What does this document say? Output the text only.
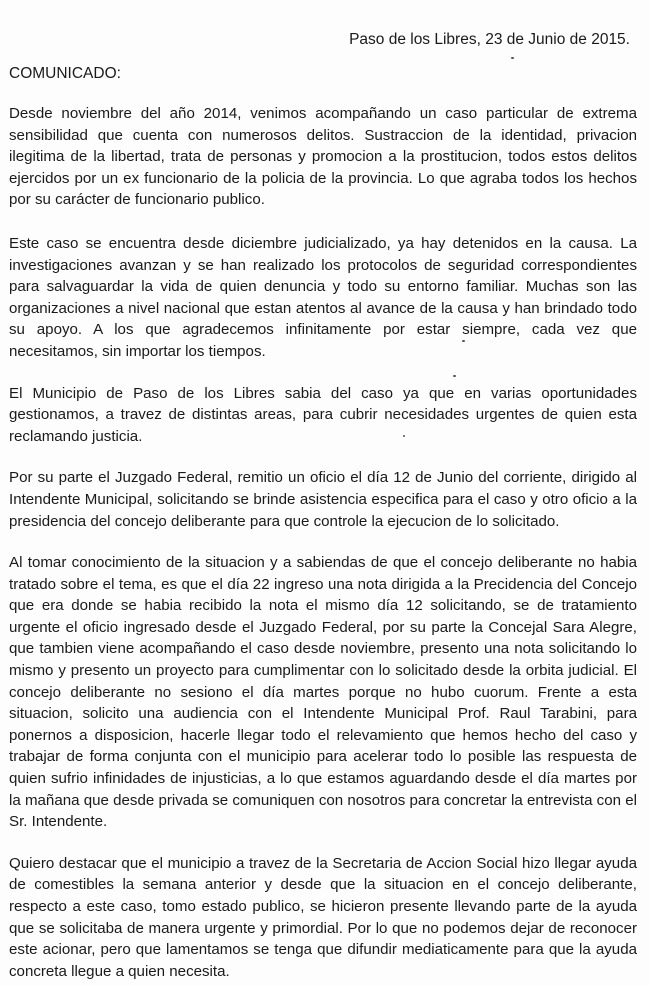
Paso de los Libres, 23 de Junio de 2015.
COMUNICADO:

Desde noviembre del año 2014, venimos acompañando un caso particular de extrema sensibilidad que cuenta con numerosos delitos. Sustraccion de la identidad, privacion ilegitima de la libertad, trata de personas y promocion a la prostitucion, todos estos delitos ejercidos por un ex funcionario de la policia de la provincia. Lo que agraba todos los hechos por su carácter de funcionario publico.

Este caso se encuentra desde diciembre judicializado, ya hay detenidos en la causa. La investigaciones avanzan y se han realizado los protocolos de seguridad correspondientes para salvaguardar la vida de quien denuncia y todo su entorno familiar. Muchas son las organizaciones a nivel nacional que estan atentos al avance de la causa y han brindado todo su apoyo. A los que agradecemos infinitamente por estar siempre, cada vez que necesitamos, sin importar los tiempos.

El Municipio de Paso de los Libres sabia del caso ya que en varias oportunidades gestionamos, a travez de distintas areas, para cubrir necesidades urgentes de quien esta reclamando justicia.

Por su parte el Juzgado Federal, remitio un oficio el día 12 de Junio del corriente, dirigido al Intendente Municipal, solicitando se brinde asistencia especifica para el caso y otro oficio a la presidencia del concejo deliberante para que controle la ejecucion de lo solicitado.

Al tomar conocimiento de la situacion y a sabiendas de que el concejo deliberante no habia tratado sobre el tema, es que el día 22 ingreso una nota dirigida a la Precidencia del Concejo que era donde se habia recibido la nota el mismo día 12 solicitando, se de tratamiento urgente el oficio ingresado desde el Juzgado Federal, por su parte la Concejal Sara Alegre, que tambien viene acompañando el caso desde noviembre, presento una nota solicitando lo mismo y presento un proyecto para cumplimentar con lo solicitado desde la orbita judicial. El concejo deliberante no sesiono el día martes porque no hubo cuorum. Frente a esta situacion, solicito una audiencia con el Intendente Municipal Prof. Raul Tarabini, para ponernos a disposicion, hacerle llegar todo el relevamiento que hemos hecho del caso y trabajar de forma conjunta con el municipio para acelerar todo lo posible las respuesta de quien sufrio infinidades de injusticias, a lo que estamos aguardando desde el día martes por la mañana que desde privada se comuniquen con nosotros para concretar la entrevista con el Sr. Intendente.

Quiero destacar que el municipio a travez de la Secretaria de Accion Social hizo llegar ayuda de comestibles la semana anterior y desde que la situacion en el concejo deliberante, respecto a este caso, tomo estado publico, se hicieron presente llevando parte de la ayuda que se solicitaba de manera urgente y primordial. Por lo que no podemos dejar de reconocer este acionar, pero que lamentamos se tenga que difundir mediaticamente para que la ayuda concreta llegue a quien necesita.
